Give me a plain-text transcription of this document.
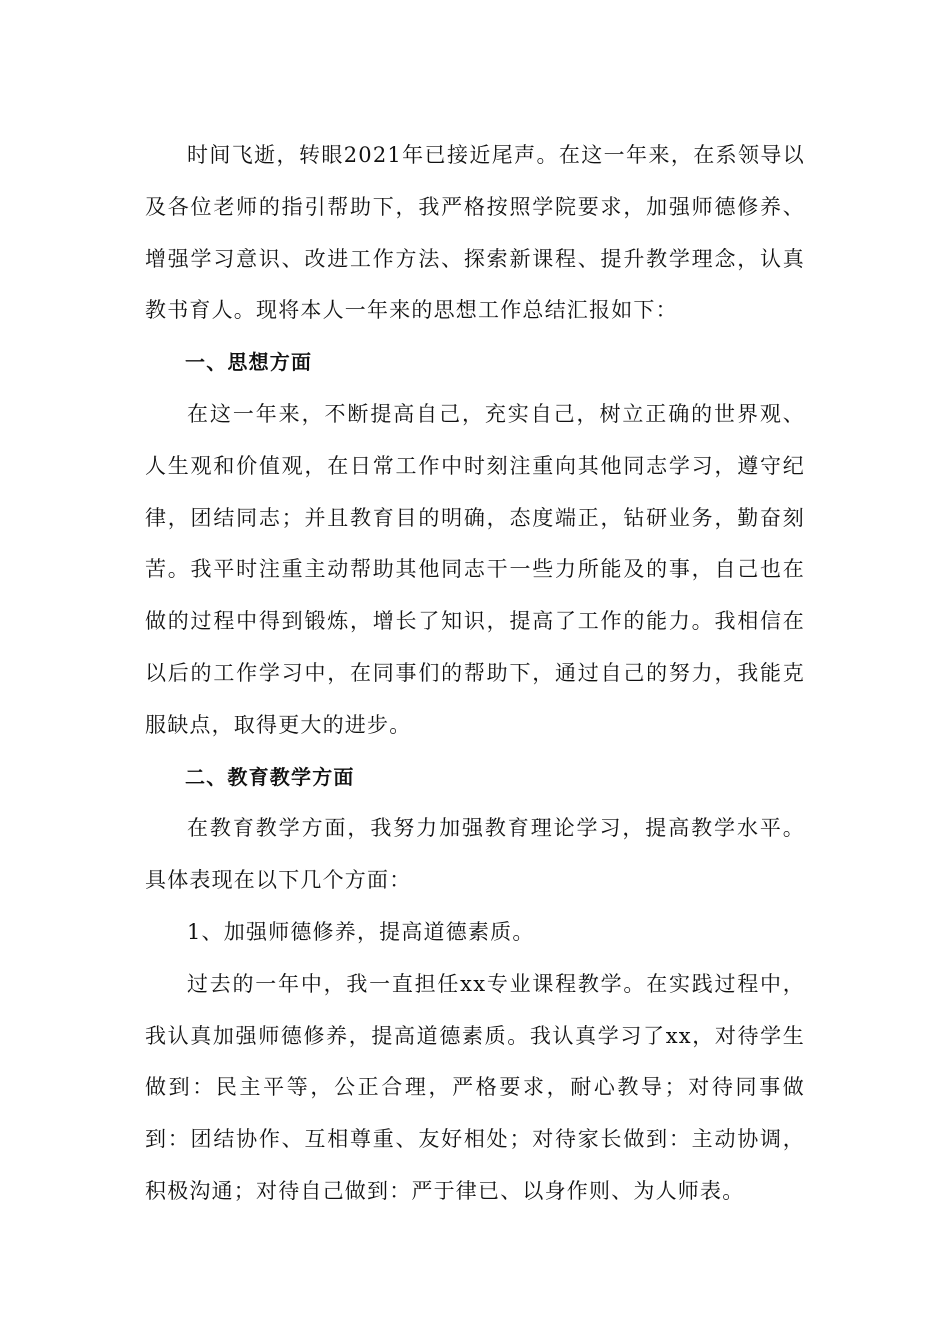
时间飞逝，转眼2021年已接近尾声。在这一年来，在系领导以及各位老师的指引帮助下，我严格按照学院要求，加强师德修养、增强学习意识、改进工作方法、探索新课程、提升教学理念，认真教书育人。现将本人一年来的思想工作总结汇报如下：

一、思想方面

在这一年来，不断提高自己，充实自己，树立正确的世界观、人生观和价值观，在日常工作中时刻注重向其他同志学习，遵守纪律，团结同志；并且教育目的明确，态度端正，钻研业务，勤奋刻苦。我平时注重主动帮助其他同志干一些力所能及的事，自己也在做的过程中得到锻炼，增长了知识，提高了工作的能力。我相信在以后的工作学习中，在同事们的帮助下，通过自己的努力，我能克服缺点，取得更大的进步。

二、教育教学方面

在教育教学方面，我努力加强教育理论学习，提高教学水平。具体表现在以下几个方面：

1、加强师德修养，提高道德素质。

过去的一年中，我一直担任xx专业课程教学。在实践过程中，我认真加强师德修养，提高道德素质。我认真学习了xx，对待学生做到：民主平等，公正合理，严格要求，耐心教导；对待同事做到：团结协作、互相尊重、友好相处；对待家长做到：主动协调，积极沟通；对待自己做到：严于律已、以身作则、为人师表。
